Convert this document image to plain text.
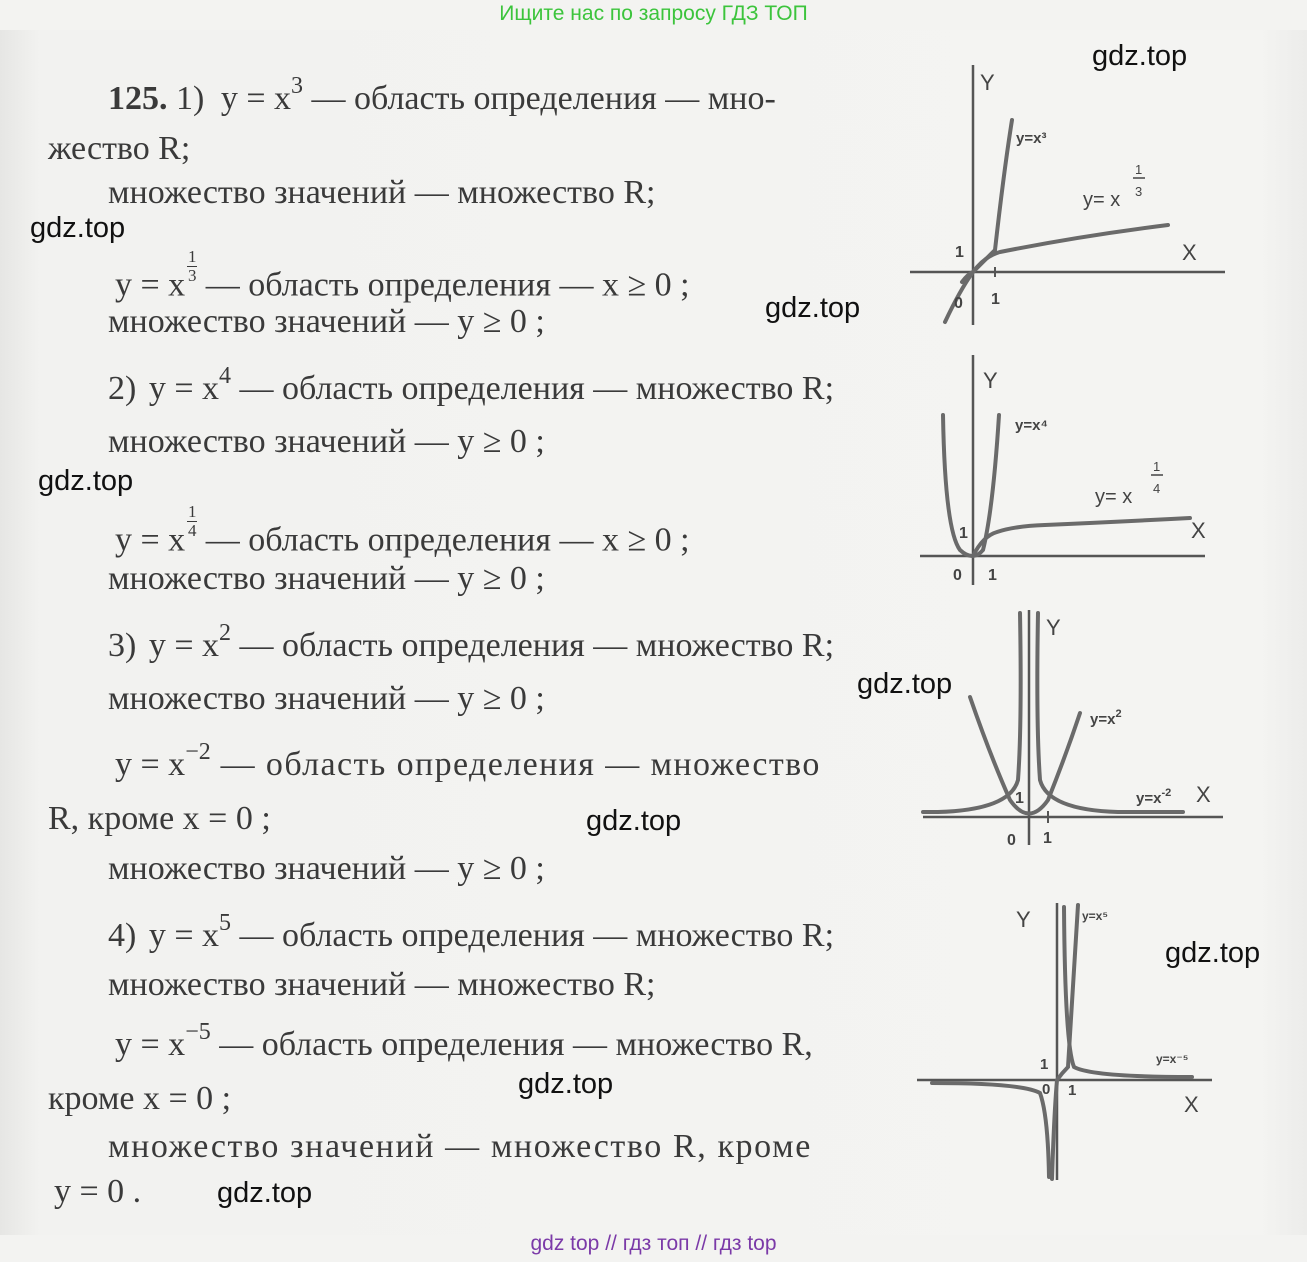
Ищите нас по запросу ГДЗ ТОП
125. 1) $y = x^3$ — область определения — мно-
жество R;
множество значений — множество R;
y = x
$\frac{1}{3}$
— область определения — x ≥ 0 ;
множество значений — y ≥ 0 ;
2) $y = x^4$ — область определения — множество R;
множество значений — y ≥ 0 ;
y = x
$\frac{1}{4}$
— область определения — x ≥ 0 ;
множество значений — y ≥ 0 ;
3) $y = x^2$ — область определения — множество R;
множество значений — y ≥ 0 ;
$y = x^{-2}$ — область определения — множество
R, кроме x = 0 ;
множество значений — y ≥ 0 ;
4) $y = x^5$ — область определения — множество R;
множество значений — множество R;
$y = x^{-5}$ — область определения — множество R,
кроме x = 0 ;
множество значений — множество R, кроме
y = 0 .
Y
X
y=x³
y= x
1
3
0 1
1
Y
X
y=x⁴
y= x
1
4
0 1
1
Y
X
$y=x^2$
$y=x^{-2}$
0 1
1
Y
X
y=x⁵
y=x⁻⁵
0 1
1
gdz.top
gdz.top
gdz.top
gdz.top
gdz.top
gdz.top
gdz.top
gdz.top
gdz.top
gdz top // гдз топ // гдз top
